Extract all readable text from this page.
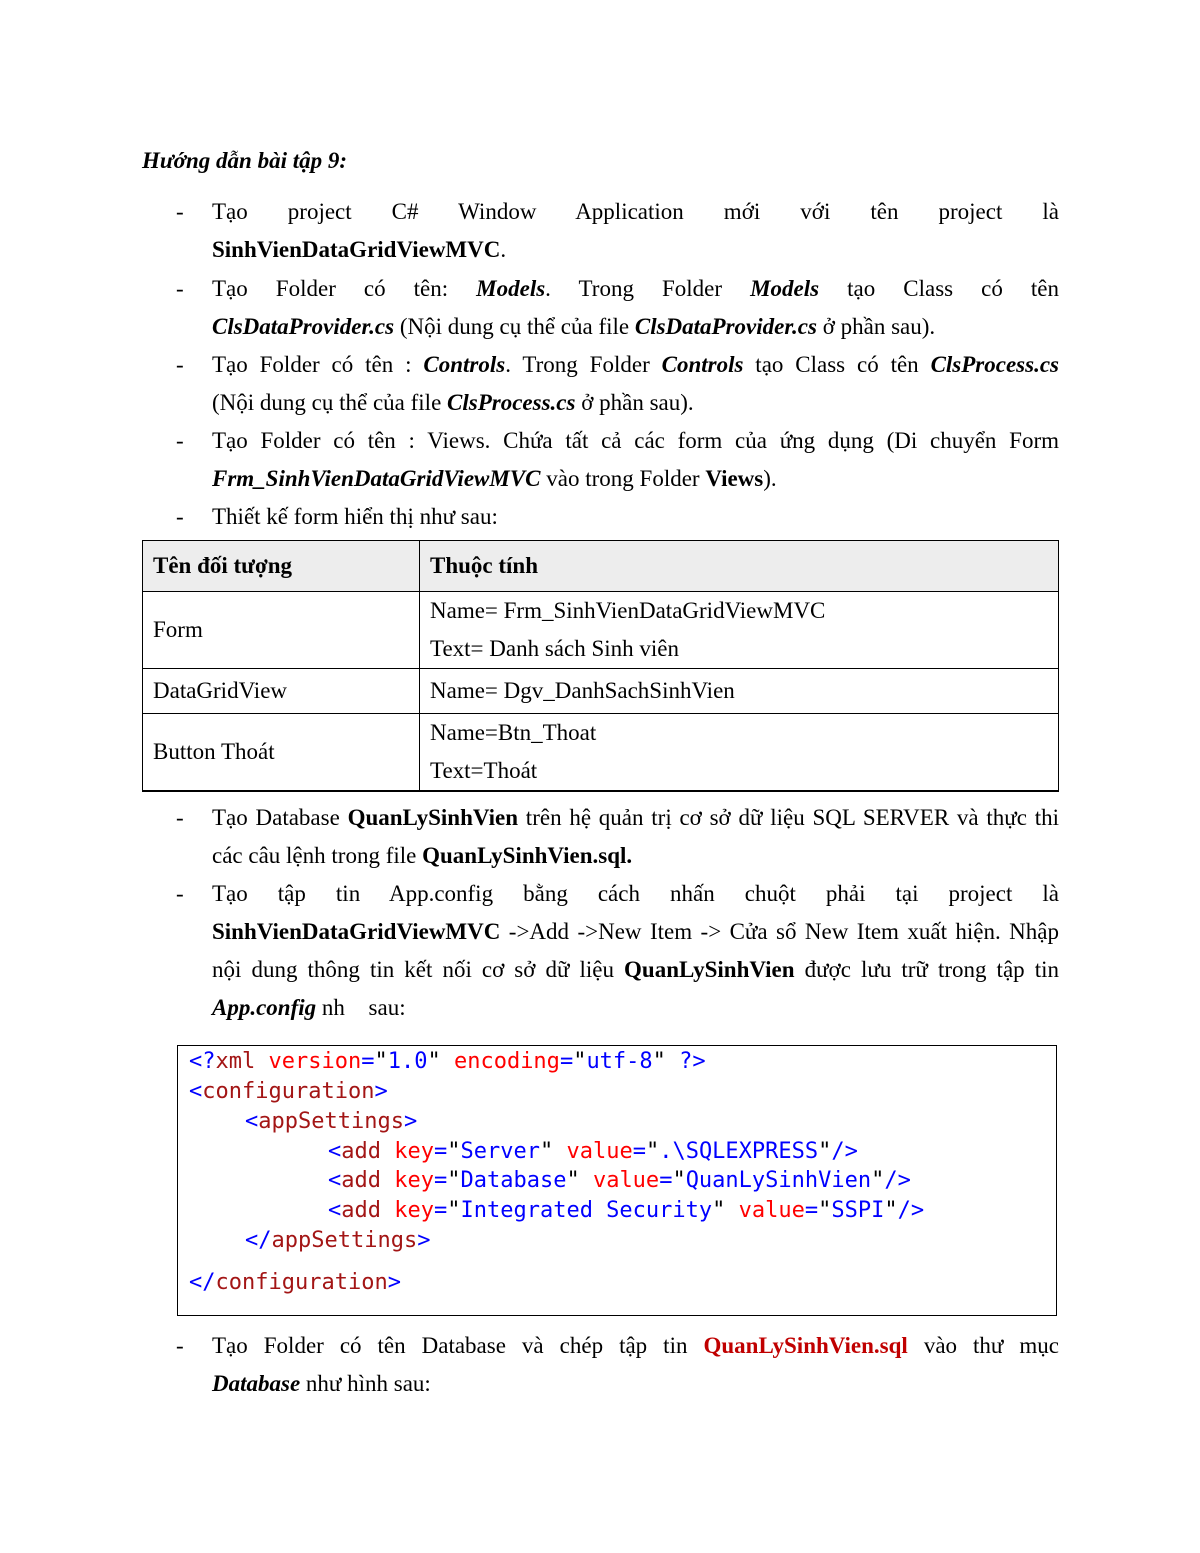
Hướng dẫn bài tập 9:
- Tạo project C# Window Application mới với tên project là
SinhVienDataGridViewMVC.
- Tạo Folder có tên: Models. Trong Folder Models tạo Class có tên
ClsDataProvider.cs (Nội dung cụ thể của file ClsDataProvider.cs ở phần sau).
- Tạo Folder có tên : Controls. Trong Folder Controls tạo Class có tên ClsProcess.cs
(Nội dung cụ thể của file ClsProcess.cs ở phần sau).
- Tạo Folder có tên : Views. Chứa tất cả các form của ứng dụng (Di chuyển Form
Frm_SinhVienDataGridViewMVC vào trong Folder Views).
- Thiết kế form hiển thị như sau:
Tên đối tượng	Thuộc tính
Form	Name= Frm_SinhVienDataGridViewMVC
Text= Danh sách Sinh viên

DataGridView	Name= Dgv_DanhSachSinhVien

Button Thoát	Name=Btn_Thoat
Text=Thoát
- Tạo Database QuanLySinhVien trên hệ quản trị cơ sở dữ liệu SQL SERVER và thực thi các câu lệnh trong file QuanLySinhVien.sql.
- Tạo tập tin App.config bằng cách nhấn chuột phải tại project là
SinhVienDataGridViewMVC ->Add ->New Item -> Cửa sổ New Item xuất hiện. Nhập nội dung thông tin kết nối cơ sở dữ liệu QuanLySinhVien được lưu trữ trong tập tin App.config nh sau:
<?xml version="1.0" encoding="utf-8" ?>
<configuration>
<appSettings>
<add key="Server" value=".\SQLEXPRESS"/>
<add key="Database" value="QuanLySinhVien"/>
<add key="Integrated Security" value="SSPI"/>
</appSettings>
</configuration>
- Tạo Folder có tên Database và chép tập tin QuanLySinhVien.sql vào thư mục
Database như hình sau:
